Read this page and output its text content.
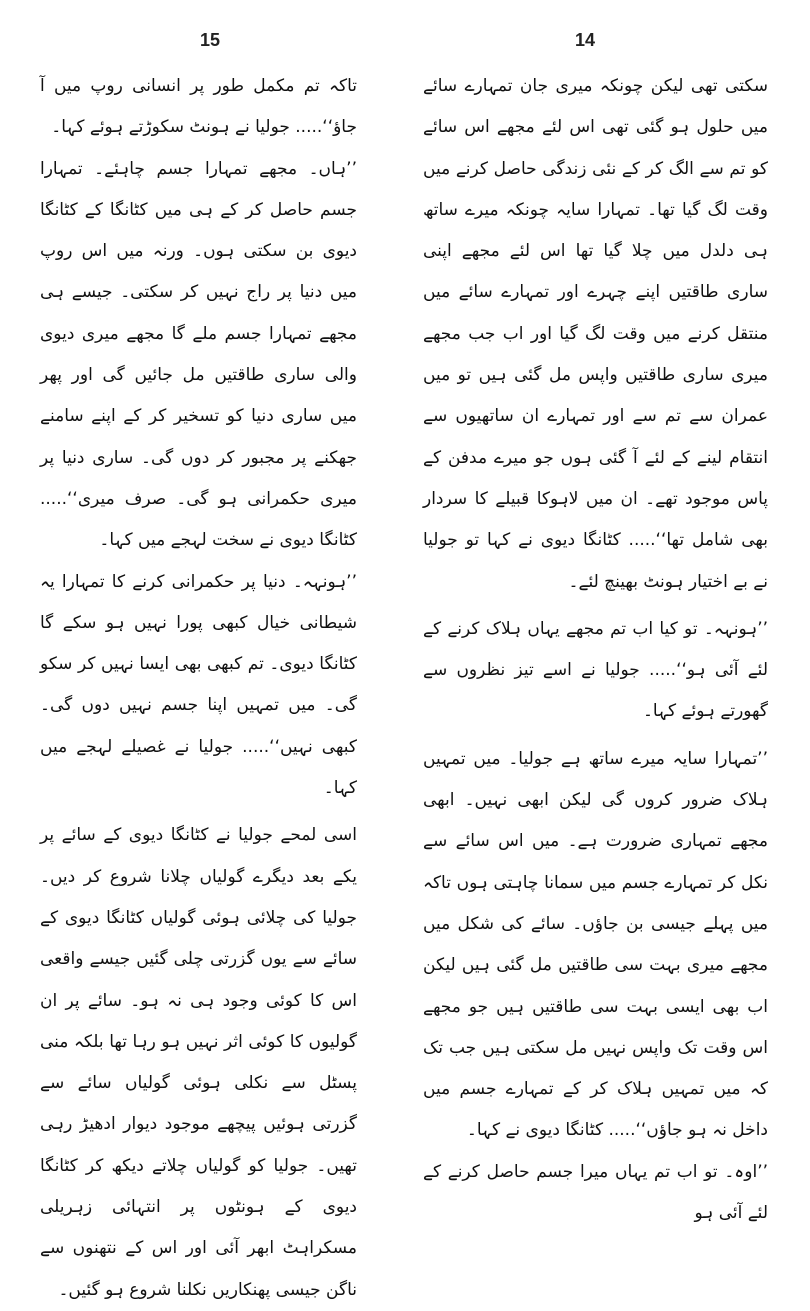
15

تاکہ تم مکمل طور پر انسانی روپ میں آ جاؤ‘‘..... جولیا نے ہونٹ سکوڑتے ہوئے کہا۔

’’ہاں۔ مجھے تمہارا جسم چاہئے۔ تمہارا جسم حاصل کر کے ہی میں کٹانگا کے کٹانگا دیوی بن سکتی ہوں۔ ورنہ میں اس روپ میں دنیا پر راج نہیں کر سکتی۔ جیسے ہی مجھے تمہارا جسم ملے گا مجھے میری دیوی والی ساری طاقتیں مل جائیں گی اور پھر میں ساری دنیا کو تسخیر کر کے اپنے سامنے جھکنے پر مجبور کر دوں گی۔ ساری دنیا پر میری حکمرانی ہو گی۔ صرف میری‘‘..... کٹانگا دیوی نے سخت لہجے میں کہا۔

’’ہونہہ۔ دنیا پر حکمرانی کرنے کا تمہارا یہ شیطانی خیال کبھی پورا نہیں ہو سکے گا کٹانگا دیوی۔ تم کبھی بھی ایسا نہیں کر سکو گی۔ میں تمہیں اپنا جسم نہیں دوں گی۔ کبھی نہیں‘‘..... جولیا نے غصیلے لہجے میں کہا۔

اسی لمحے جولیا نے کٹانگا دیوی کے سائے پر یکے بعد دیگرے گولیاں چلانا شروع کر دیں۔ جولیا کی چلائی ہوئی گولیاں کٹانگا دیوی کے سائے سے یوں گزرتی چلی گئیں جیسے واقعی اس کا کوئی وجود ہی نہ ہو۔ سائے پر ان گولیوں کا کوئی اثر نہیں ہو رہا تھا بلکہ منی پسٹل سے نکلی ہوئی گولیاں سائے سے گزرتی ہوئیں پیچھے موجود دیوار ادھیڑ رہی تھیں۔ جولیا کو گولیاں چلاتے دیکھ کر کٹانگا دیوی کے ہونٹوں پر انتہائی زہریلی مسکراہٹ ابھر آئی اور اس کے نتھنوں سے ناگن جیسی پھنکاریں نکلنا شروع ہو گئیں۔

14

سکتی تھی لیکن چونکہ میری جان تمہارے سائے میں حلول ہو گئی تھی اس لئے مجھے اس سائے کو تم سے الگ کر کے نئی زندگی حاصل کرنے میں وقت لگ گیا تھا۔ تمہارا سایہ چونکہ میرے ساتھ ہی دلدل میں چلا گیا تھا اس لئے مجھے اپنی ساری طاقتیں اپنے چہرے اور تمہارے سائے میں منتقل کرنے میں وقت لگ گیا اور اب جب مجھے میری ساری طاقتیں واپس مل گئی ہیں تو میں عمران سے تم سے اور تمہارے ان ساتھیوں سے انتقام لینے کے لئے آ گئی ہوں جو میرے مدفن کے پاس موجود تھے۔ ان میں لاہوکا قبیلے کا سردار بھی شامل تھا‘‘..... کٹانگا دیوی نے کہا تو جولیا نے بے اختیار ہونٹ بھینچ لئے۔

’’ہونہہ۔ تو کیا اب تم مجھے یہاں ہلاک کرنے کے لئے آئی ہو‘‘..... جولیا نے اسے تیز نظروں سے گھورتے ہوئے کہا۔

’’تمہارا سایہ میرے ساتھ ہے جولیا۔ میں تمہیں ہلاک ضرور کروں گی لیکن ابھی نہیں۔ ابھی مجھے تمہاری ضرورت ہے۔ میں اس سائے سے نکل کر تمہارے جسم میں سمانا چاہتی ہوں تاکہ میں پہلے جیسی بن جاؤں۔ سائے کی شکل میں مجھے میری بہت سی طاقتیں مل گئی ہیں لیکن اب بھی ایسی بہت سی طاقتیں ہیں جو مجھے اس وقت تک واپس نہیں مل سکتی ہیں جب تک کہ میں تمہیں ہلاک کر کے تمہارے جسم میں داخل نہ ہو جاؤں‘‘..... کٹانگا دیوی نے کہا۔

’’اوہ۔ تو اب تم یہاں میرا جسم حاصل کرنے کے لئے آئی ہو
